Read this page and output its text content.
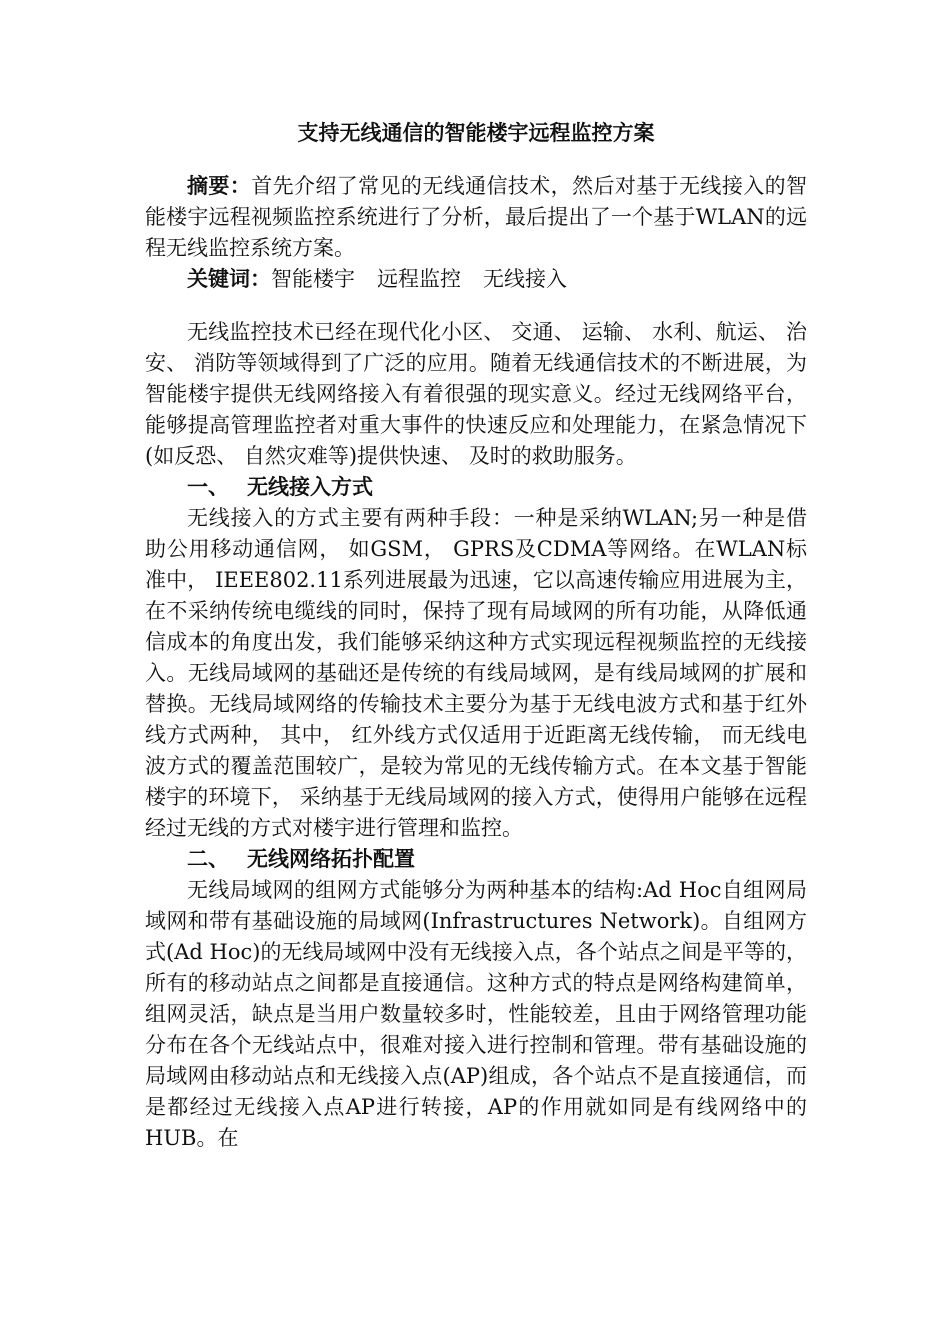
支持无线通信的智能楼宇远程监控方案

摘要：首先介绍了常见的无线通信技术，然后对基于无线接入的智能楼宇远程视频监控系统进行了分析，最后提出了一个基于WLAN的远程无线监控系统方案。

关键词：智能楼宇 远程监控 无线接入

无线监控技术已经在现代化小区、 交通、 运输、 水利、航运、 治安、 消防等领域得到了广泛的应用。随着无线通信技术的不断进展，为智能楼宇提供无线网络接入有着很强的现实意义。经过无线网络平台，能够提高管理监控者对重大事件的快速反应和处理能力，在紧急情况下(如反恐、 自然灾难等)提供快速、 及时的救助服务。

一、 无线接入方式

无线接入的方式主要有两种手段：一种是采纳WLAN;另一种是借助公用移动通信网， 如GSM， GPRS及CDMA等网络。在WLAN标准中， IEEE802.11系列进展最为迅速，它以高速传输应用进展为主，在不采纳传统电缆线的同时，保持了现有局域网的所有功能，从降低通信成本的角度出发，我们能够采纳这种方式实现远程视频监控的无线接入。无线局域网的基础还是传统的有线局域网，是有线局域网的扩展和替换。无线局域网络的传输技术主要分为基于无线电波方式和基于红外线方式两种， 其中， 红外线方式仅适用于近距离无线传输， 而无线电波方式的覆盖范围较广，是较为常见的无线传输方式。在本文基于智能楼宇的环境下， 采纳基于无线局域网的接入方式，使得用户能够在远程经过无线的方式对楼宇进行管理和监控。

二、 无线网络拓扑配置

无线局域网的组网方式能够分为两种基本的结构:Ad Hoc自组网局域网和带有基础设施的局域网(Infrastructures Network)。自组网方式(Ad Hoc)的无线局域网中没有无线接入点，各个站点之间是平等的， 所有的移动站点之间都是直接通信。这种方式的特点是网络构建简单，组网灵活，缺点是当用户数量较多时，性能较差，且由于网络管理功能分布在各个无线站点中，很难对接入进行控制和管理。带有基础设施的局域网由移动站点和无线接入点(AP)组成，各个站点不是直接通信，而是都经过无线接入点AP进行转接，AP的作用就如同是有线网络中的HUB。在
